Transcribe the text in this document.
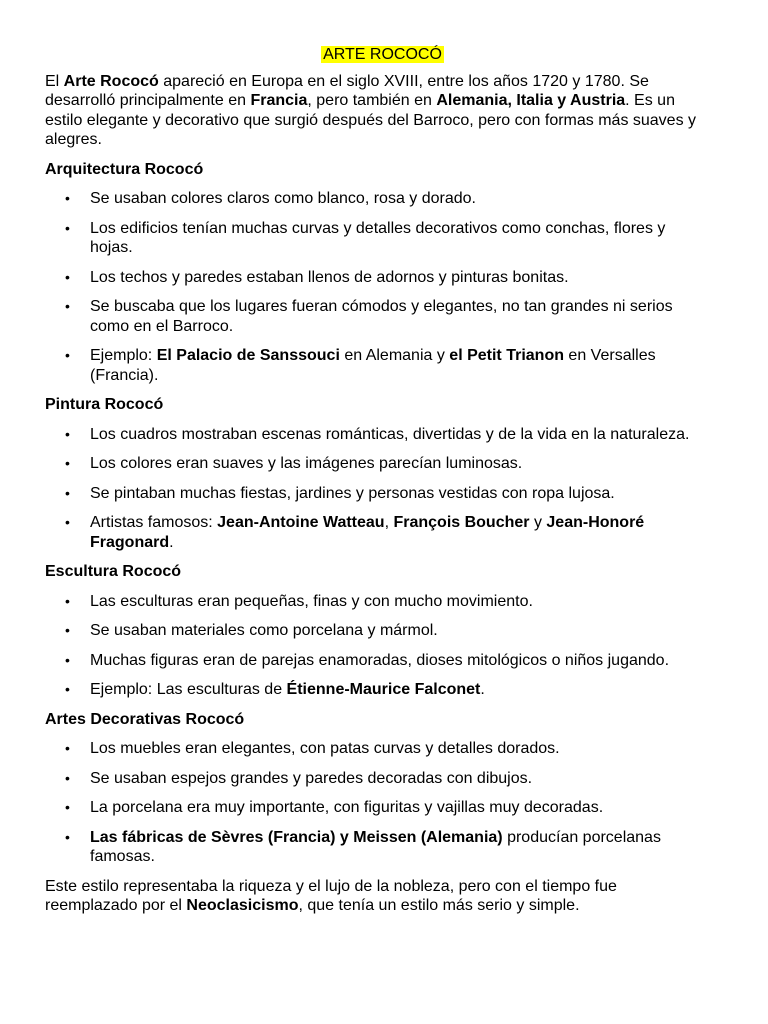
ARTE ROCOCÓ

El Arte Rococó apareció en Europa en el siglo XVIII, entre los años 1720 y 1780. Se desarrolló principalmente en Francia, pero también en Alemania, Italia y Austria. Es un estilo elegante y decorativo que surgió después del Barroco, pero con formas más suaves y alegres.

Arquitectura Rococó

• Se usaban colores claros como blanco, rosa y dorado.
• Los edificios tenían muchas curvas y detalles decorativos como conchas, flores y hojas.
• Los techos y paredes estaban llenos de adornos y pinturas bonitas.
• Se buscaba que los lugares fueran cómodos y elegantes, no tan grandes ni serios como en el Barroco.
• Ejemplo: El Palacio de Sanssouci en Alemania y el Petit Trianon en Versalles (Francia).

Pintura Rococó

• Los cuadros mostraban escenas románticas, divertidas y de la vida en la naturaleza.
• Los colores eran suaves y las imágenes parecían luminosas.
• Se pintaban muchas fiestas, jardines y personas vestidas con ropa lujosa.
• Artistas famosos: Jean-Antoine Watteau, François Boucher y Jean-Honoré Fragonard.

Escultura Rococó

• Las esculturas eran pequeñas, finas y con mucho movimiento.
• Se usaban materiales como porcelana y mármol.
• Muchas figuras eran de parejas enamoradas, dioses mitológicos o niños jugando.
• Ejemplo: Las esculturas de Étienne-Maurice Falconet.

Artes Decorativas Rococó

• Los muebles eran elegantes, con patas curvas y detalles dorados.
• Se usaban espejos grandes y paredes decoradas con dibujos.
• La porcelana era muy importante, con figuritas y vajillas muy decoradas.
• Las fábricas de Sèvres (Francia) y Meissen (Alemania) producían porcelanas famosas.

Este estilo representaba la riqueza y el lujo de la nobleza, pero con el tiempo fue reemplazado por el Neoclasicismo, que tenía un estilo más serio y simple.
